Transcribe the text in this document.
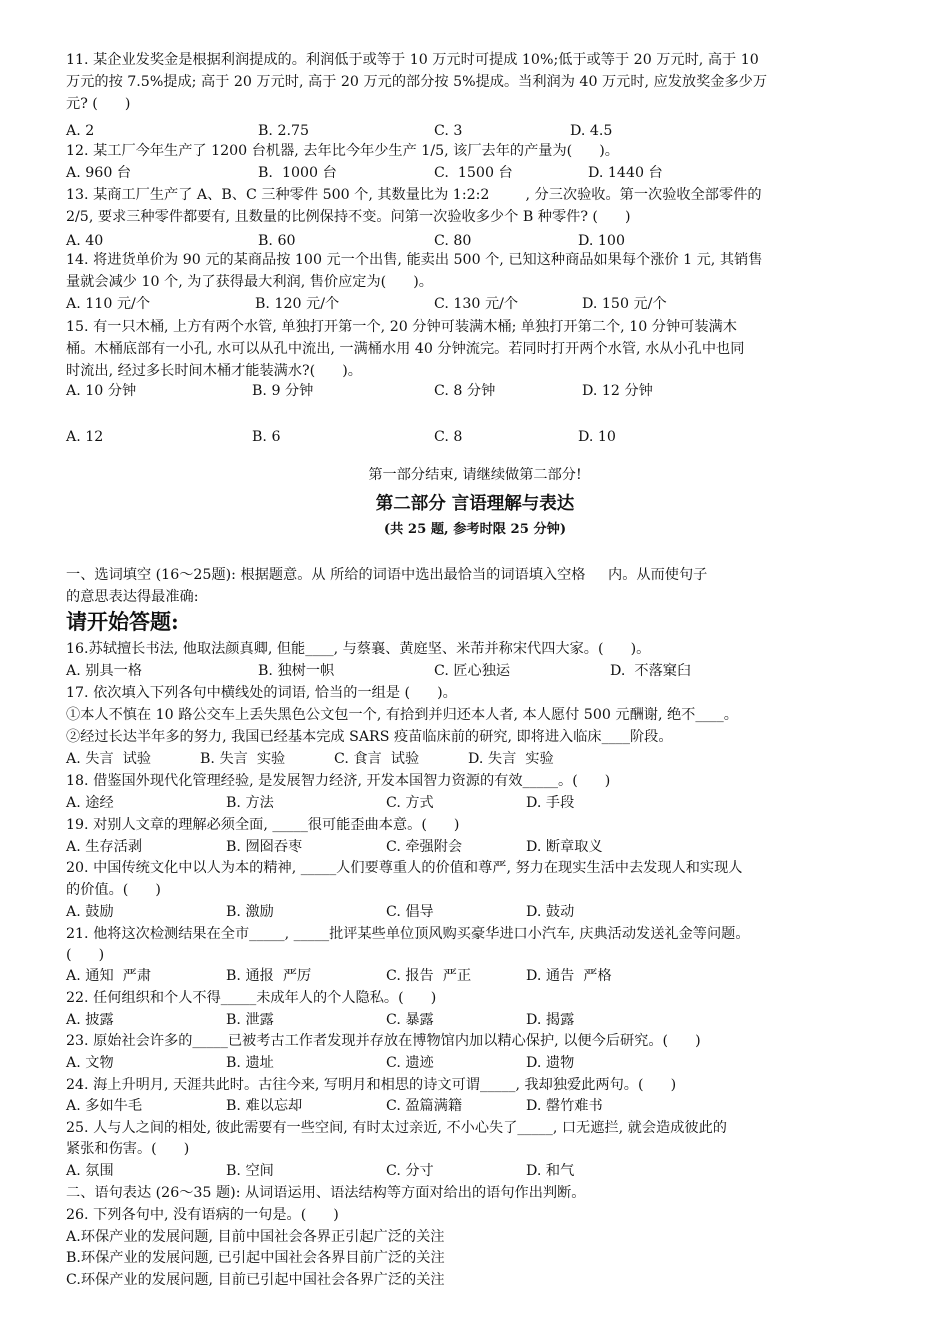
11. 某企业发奖金是根据利润提成的。利润低于或等于 10 万元时可提成 10%;低于或等于 20 万元时, 高于 10
万元的按 7.5%提成; 高于 20 万元时, 高于 20 万元的部分按 5%提成。当利润为 40 万元时, 应发放奖金多少万
元? (      )
A. 2	B. 2.75	C. 3	D. 4.5
12. 某工厂今年生产了 1200 台机器, 去年比今年少生产 1/5, 该厂去年的产量为(      )。
A. 960 台	B.  1000 台	C.  1500 台	D. 1440 台
13. 某商工厂生产了 A、B、C 三种零件 500 个, 其数量比为 1:2:2        , 分三次验收。第一次验收全部零件的
2/5, 要求三种零件都要有, 且数量的比例保持不变。问第一次验收多少个 B 种零件? (      )
A. 40	B. 60	C. 80	D. 100
14. 将进货单价为 90 元的某商品按 100 元一个出售, 能卖出 500 个, 已知这种商品如果每个涨价 1 元, 其销售
量就会减少 10 个, 为了获得最大利润, 售价应定为(      )。
A. 110 元/个	B. 120 元/个	C. 130 元/个	D. 150 元/个
15. 有一只木桶, 上方有两个水管, 单独打开第一个, 20 分钟可装满木桶; 单独打开第二个, 10 分钟可装满木
桶。木桶底部有一小孔, 水可以从孔中流出, 一满桶水用 40 分钟流完。若同时打开两个水管, 水从小孔中也同
时流出, 经过多长时间木桶才能装满水?(      )。
A. 10 分钟	B. 9 分钟	C. 8 分钟	D. 12 分钟
A. 12	B. 6	C. 8	D. 10
第一部分结束, 请继续做第二部分!
第二部分 言语理解与表达
(共 25 题, 参考时限 25 分钟)
一、选词填空 (16～25题): 根据题意。从 所给的词语中选出最恰当的词语填入空格     内。从而使句子
的意思表达得最准确:
请开始答题:
16.苏轼擅长书法, 他取法颜真卿, 但能____, 与蔡襄、黄庭坚、米芾并称宋代四大家。(      )。
A. 别具一格	B. 独树一帜	C. 匠心独运	D.  不落窠臼
17. 依次填入下列各句中横线处的词语, 恰当的一组是 (      )。
①本人不慎在 10 路公交车上丢失黑色公文包一个, 有拾到并归还本人者, 本人愿付 500 元酬谢, 绝不____。
②经过长达半年多的努力, 我国已经基本完成 SARS 疫苗临床前的研究, 即将进入临床____阶段。
A. 失言  试验	B. 失言  实验	C. 食言  试验	D. 失言  实验
18. 借鉴国外现代化管理经验, 是发展智力经济, 开发本国智力资源的有效_____。(      )
A. 途经	B. 方法	C. 方式	D. 手段
19. 对别人文章的理解必须全面, _____很可能歪曲本意。(      )
A. 生存活剥	B. 囫囵吞枣	C. 牵强附会	D. 断章取义
20. 中国传统文化中以人为本的精神, _____人们要尊重人的价值和尊严, 努力在现实生活中去发现人和实现人
的价值。(      )
A. 鼓励	B. 激励	C. 倡导	D. 鼓动
21. 他将这次检测结果在全市_____, _____批评某些单位顶风购买豪华进口小汽车, 庆典活动发送礼金等问题。
(      )
A. 通知  严肃	B. 通报  严厉	C. 报告  严正	D. 通告  严格
22. 任何组织和个人不得_____未成年人的个人隐私。(      )
A. 披露	B. 泄露	C. 暴露	D. 揭露
23. 原始社会许多的_____已被考古工作者发现并存放在博物馆内加以精心保护, 以便今后研究。(      )
A. 文物	B. 遗址	C. 遗迹	D. 遗物
24. 海上升明月, 天涯共此时。古往今来, 写明月和相思的诗文可谓_____, 我却独爱此两句。(      )
A. 多如牛毛	B. 难以忘却	C. 盈篇满籍	D. 罄竹难书
25. 人与人之间的相处, 彼此需要有一些空间, 有时太过亲近, 不小心失了_____, 口无遮拦, 就会造成彼此的
紧张和伤害。(      )
A. 氛围	B. 空间	C. 分寸	D. 和气
二、语句表达 (26～35 题): 从词语运用、语法结构等方面对给出的语句作出判断。
26. 下列各句中, 没有语病的一句是。(      )
A.环保产业的发展问题, 目前中国社会各界正引起广泛的关注
B.环保产业的发展问题, 已引起中国社会各界目前广泛的关注
C.环保产业的发展问题, 目前已引起中国社会各界广泛的关注
